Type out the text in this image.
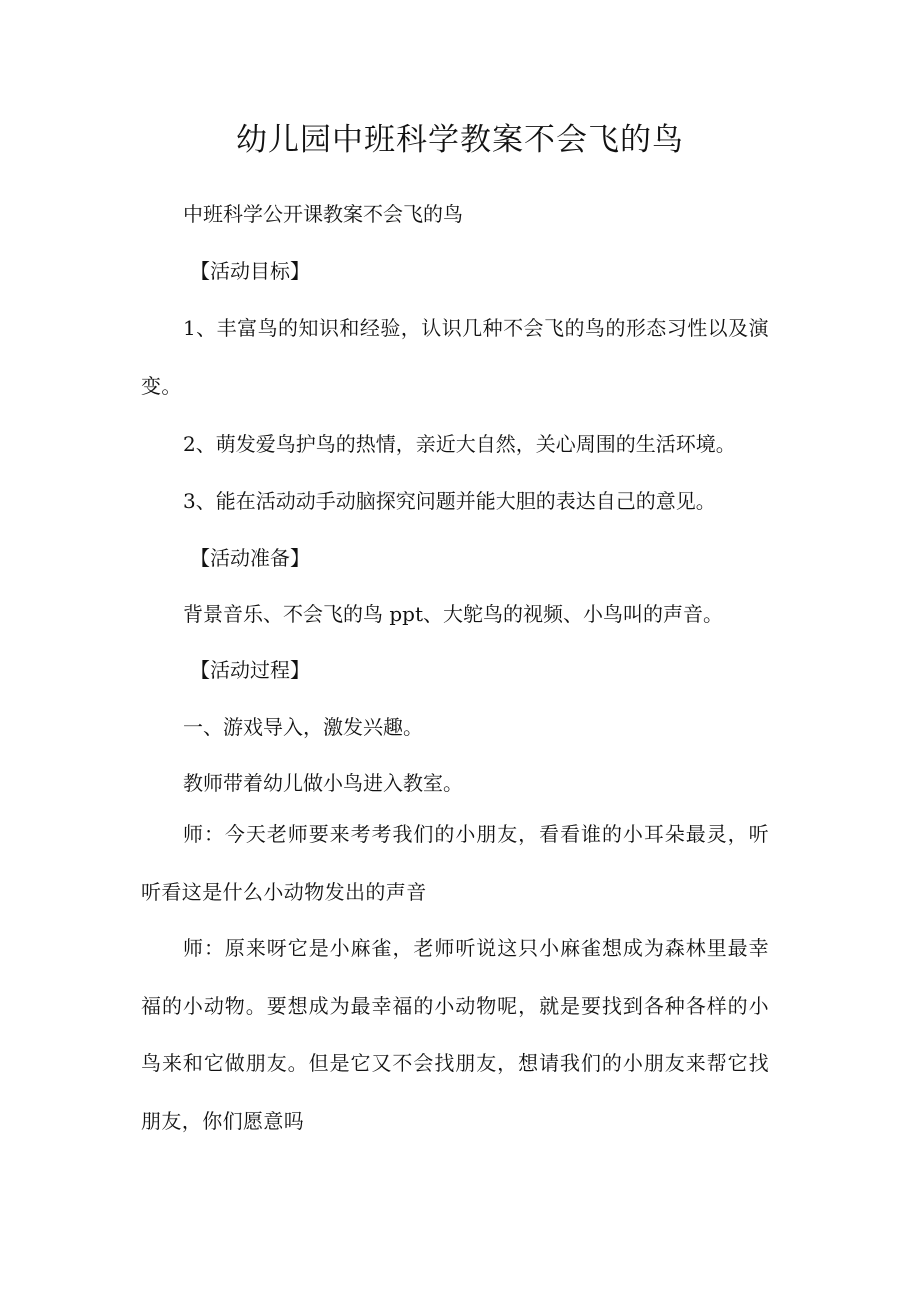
幼儿园中班科学教案不会飞的鸟

中班科学公开课教案不会飞的鸟

【活动目标】

1、丰富鸟的知识和经验，认识几种不会飞的鸟的形态习性以及演变。

2、萌发爱鸟护鸟的热情，亲近大自然，关心周围的生活环境。

3、能在活动动手动脑探究问题并能大胆的表达自己的意见。

【活动准备】

背景音乐、不会飞的鸟 ppt、大鸵鸟的视频、小鸟叫的声音。

【活动过程】

一、游戏导入，激发兴趣。

教师带着幼儿做小鸟进入教室。

师：今天老师要来考考我们的小朋友，看看谁的小耳朵最灵，听听看这是什么小动物发出的声音

师：原来呀它是小麻雀，老师听说这只小麻雀想成为森林里最幸福的小动物。要想成为最幸福的小动物呢，就是要找到各种各样的小鸟来和它做朋友。但是它又不会找朋友，想请我们的小朋友来帮它找朋友，你们愿意吗
